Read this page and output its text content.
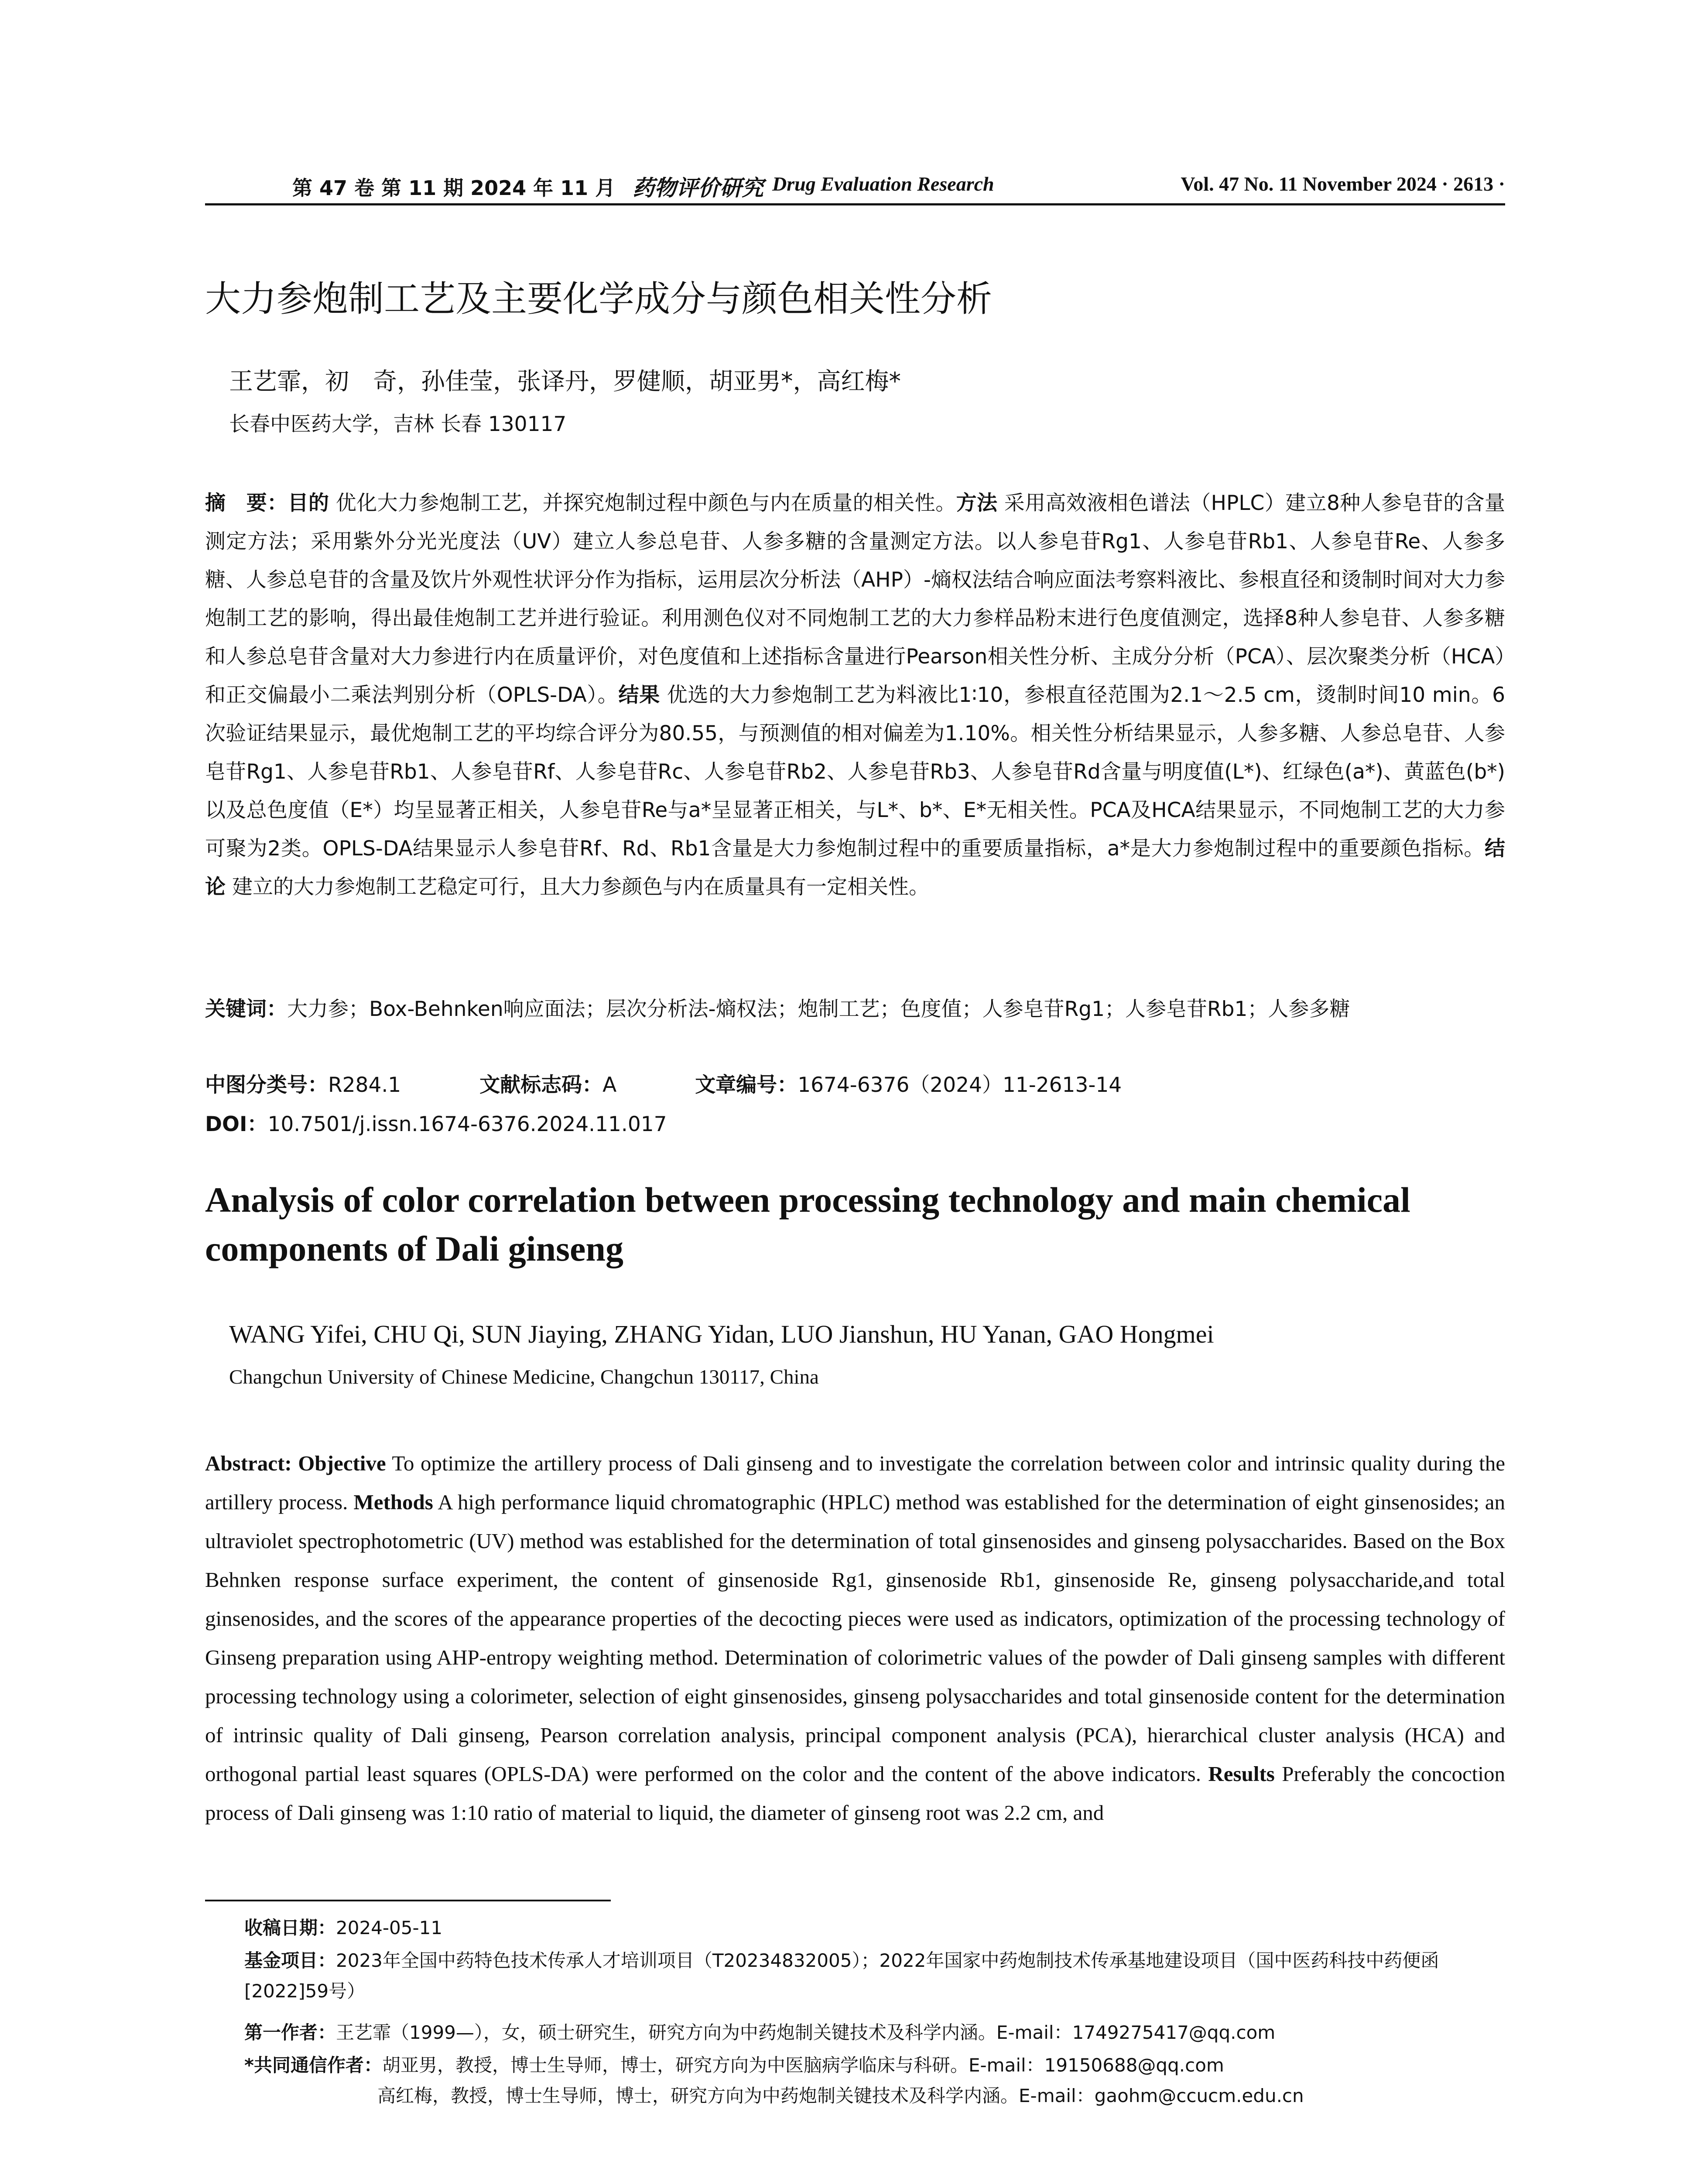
第 47 卷 第 11 期 2024 年 11 月 药物评价研究 Drug Evaluation Research	Vol. 47 No. 11 November 2024 · 2613 ·
大力参炮制工艺及主要化学成分与颜色相关性分析
王艺霏，初　奇，孙佳莹，张译丹，罗健顺，胡亚男*，高红梅*
长春中医药大学，吉林 长春 130117
摘　要：目的 优化大力参炮制工艺，并探究炮制过程中颜色与内在质量的相关性。方法 采用高效液相色谱法（HPLC）建立8种人参皂苷的含量测定方法；采用紫外分光光度法（UV）建立人参总皂苷、人参多糖的含量测定方法。以人参皂苷Rg1、人参皂苷Rb1、人参皂苷Re、人参多糖、人参总皂苷的含量及饮片外观性状评分作为指标，运用层次分析法（AHP）-熵权法结合响应面法考察料液比、参根直径和烫制时间对大力参炮制工艺的影响，得出最佳炮制工艺并进行验证。利用测色仪对不同炮制工艺的大力参样品粉末进行色度值测定，选择8种人参皂苷、人参多糖和人参总皂苷含量对大力参进行内在质量评价，对色度值和上述指标含量进行Pearson相关性分析、主成分分析（PCA）、层次聚类分析（HCA）和正交偏最小二乘法判别分析（OPLS-DA）。结果 优选的大力参炮制工艺为料液比1∶10，参根直径范围为2.1～2.5 cm，烫制时间10 min。6次验证结果显示，最优炮制工艺的平均综合评分为80.55，与预测值的相对偏差为1.10%。相关性分析结果显示，人参多糖、人参总皂苷、人参皂苷Rg1、人参皂苷Rb1、人参皂苷Rf、人参皂苷Rc、人参皂苷Rb2、人参皂苷Rb3、人参皂苷Rd含量与明度值(L*)、红绿色(a*)、黄蓝色(b*)以及总色度值（E*）均呈显著正相关，人参皂苷Re与a*呈显著正相关，与L*、b*、E*无相关性。PCA及HCA结果显示，不同炮制工艺的大力参可聚为2类。OPLS-DA结果显示人参皂苷Rf、Rd、Rb1含量是大力参炮制过程中的重要质量指标，a*是大力参炮制过程中的重要颜色指标。结论 建立的大力参炮制工艺稳定可行，且大力参颜色与内在质量具有一定相关性。
关键词：大力参；Box-Behnken响应面法；层次分析法-熵权法；炮制工艺；色度值；人参皂苷Rg1；人参皂苷Rb1；人参多糖
中图分类号：R284.1	文献标志码：A	文章编号：1674-6376（2024）11-2613-14
DOI：10.7501/j.issn.1674-6376.2024.11.017
Analysis of color correlation between processing technology and main chemical components of Dali ginseng
WANG Yifei, CHU Qi, SUN Jiaying, ZHANG Yidan, LUO Jianshun, HU Yanan, GAO Hongmei
Changchun University of Chinese Medicine, Changchun 130117, China
Abstract: Objective To optimize the artillery process of Dali ginseng and to investigate the correlation between color and intrinsic quality during the artillery process. Methods A high performance liquid chromatographic (HPLC) method was established for the determination of eight ginsenosides; an ultraviolet spectrophotometric (UV) method was established for the determination of total ginsenosides and ginseng polysaccharides. Based on the Box Behnken response surface experiment, the content of ginsenoside Rg1, ginsenoside Rb1, ginsenoside Re, ginseng polysaccharide,and total ginsenosides, and the scores of the appearance properties of the decocting pieces were used as indicators, optimization of the processing technology of Ginseng preparation using AHP-entropy weighting method. Determination of colorimetric values of the powder of Dali ginseng samples with different processing technology using a colorimeter, selection of eight ginsenosides, ginseng polysaccharides and total ginsenoside content for the determination of intrinsic quality of Dali ginseng, Pearson correlation analysis, principal component analysis (PCA), hierarchical cluster analysis (HCA) and orthogonal partial least squares (OPLS-DA) were performed on the color and the content of the above indicators. Results Preferably the concoction process of Dali ginseng was 1:10 ratio of material to liquid, the diameter of ginseng root was 2.2 cm, and
收稿日期：2024-05-11
基金项目：2023年全国中药特色技术传承人才培训项目（T20234832005）；2022年国家中药炮制技术传承基地建设项目（国中医药科技中药便函[2022]59号）
第一作者：王艺霏（1999—），女，硕士研究生，研究方向为中药炮制关键技术及科学内涵。E-mail：1749275417@qq.com
*共同通信作者：胡亚男，教授，博士生导师，博士，研究方向为中医脑病学临床与科研。E-mail：19150688@qq.com
高红梅，教授，博士生导师，博士，研究方向为中药炮制关键技术及科学内涵。E-mail：gaohm@ccucm.edu.cn
